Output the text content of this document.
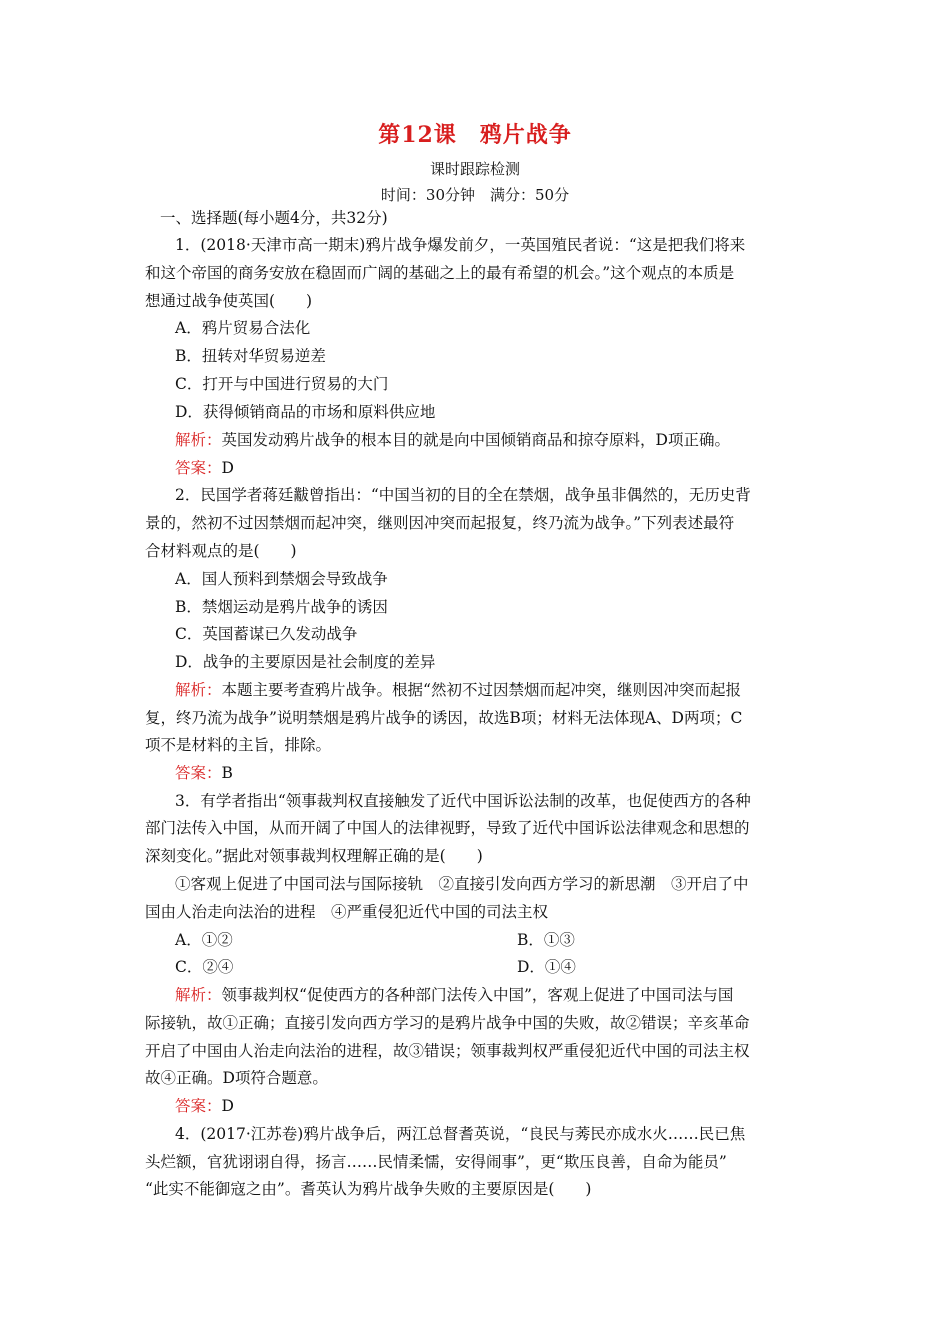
第12课　鸦片战争
课时跟踪检测
时间：30分钟　满分：50分
一、选择题(每小题4分，共32分)
1．(2018·天津市高一期末)鸦片战争爆发前夕，一英国殖民者说：“这是把我们将来
和这个帝国的商务安放在稳固而广阔的基础之上的最有希望的机会。”这个观点的本质是
想通过战争使英国(　　)
A．鸦片贸易合法化
B．扭转对华贸易逆差
C．打开与中国进行贸易的大门
D．获得倾销商品的市场和原料供应地
解析：英国发动鸦片战争的根本目的就是向中国倾销商品和掠夺原料，D项正确。
答案：D
2．民国学者蒋廷黻曾指出：“中国当初的目的全在禁烟，战争虽非偶然的，无历史背
景的，然初不过因禁烟而起冲突，继则因冲突而起报复，终乃流为战争。”下列表述最符
合材料观点的是(　　)
A．国人预料到禁烟会导致战争
B．禁烟运动是鸦片战争的诱因
C．英国蓄谋已久发动战争
D．战争的主要原因是社会制度的差异
解析：本题主要考查鸦片战争。根据“然初不过因禁烟而起冲突，继则因冲突而起报
复，终乃流为战争”说明禁烟是鸦片战争的诱因，故选B项；材料无法体现A、D两项；C
项不是材料的主旨，排除。
答案：B
3．有学者指出“领事裁判权直接触发了近代中国诉讼法制的改革，也促使西方的各种
部门法传入中国，从而开阔了中国人的法律视野，导致了近代中国诉讼法律观念和思想的
深刻变化。”据此对领事裁判权理解正确的是(　　)
①客观上促进了中国司法与国际接轨　②直接引发向西方学习的新思潮　③开启了中
国由人治走向法治的进程　④严重侵犯近代中国的司法主权
A．①②	B．①③
C．②④	D．①④
解析：领事裁判权“促使西方的各种部门法传入中国”，客观上促进了中国司法与国
际接轨，故①正确；直接引发向西方学习的是鸦片战争中国的失败，故②错误；辛亥革命
开启了中国由人治走向法治的进程，故③错误；领事裁判权严重侵犯近代中国的司法主权
故④正确。D项符合题意。
答案：D
4．(2017·江苏卷)鸦片战争后，两江总督耆英说，“良民与莠民亦成水火……民已焦
头烂额，官犹诩诩自得，扬言……民情柔懦，安得闹事”，更“欺压良善，自命为能员”
“此实不能御寇之由”。耆英认为鸦片战争失败的主要原因是(　　)
